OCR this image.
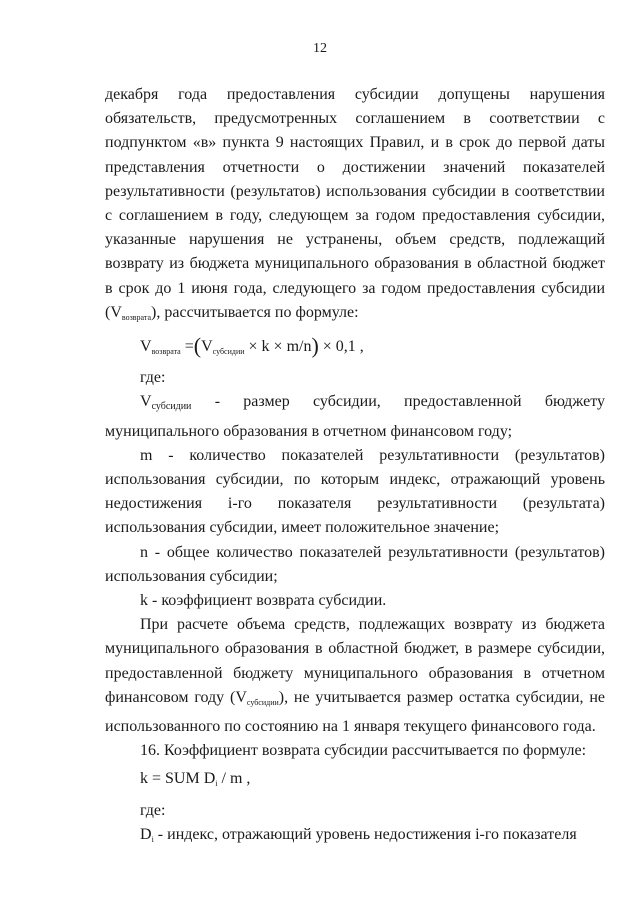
12

декабря года предоставления субсидии допущены нарушения обязательств, предусмотренных соглашением в соответствии с подпунктом «в» пункта 9 настоящих Правил, и в срок до первой даты представления отчетности о достижении значений показателей результативности (результатов) использования субсидии в соответствии с соглашением в году, следующем за годом предоставления субсидии, указанные нарушения не устранены, объем средств, подлежащий возврату из бюджета муниципального образования в областной бюджет в срок до 1 июня года, следующего за годом предоставления субсидии $(V_{возврата})$, рассчитывается по формуле:

$V_{возврата} =(V_{субсидии} \times k \times m/n) \times 0,1$ ,

где:

$V_{субсидии}$ - размер субсидии, предоставленной бюджету муниципального образования в отчетном финансовом году;

m - количество показателей результативности (результатов) использования субсидии, по которым индекс, отражающий уровень недостижения i-го показателя результативности (результата) использования субсидии, имеет положительное значение;

n - общее количество показателей результативности (результатов) использования субсидии;

k - коэффициент возврата субсидии.

При расчете объема средств, подлежащих возврату из бюджета муниципального образования в областной бюджет, в размере субсидии, предоставленной бюджету муниципального образования в отчетном финансовом году $(V_{субсидии})$, не учитывается размер остатка субсидии, не использованного по состоянию на 1 января текущего финансового года.

16. Коэффициент возврата субсидии рассчитывается по формуле:

k = SUM $D_i$ / m ,

где:

$D_i$ - индекс, отражающий уровень недостижения i-го показателя
